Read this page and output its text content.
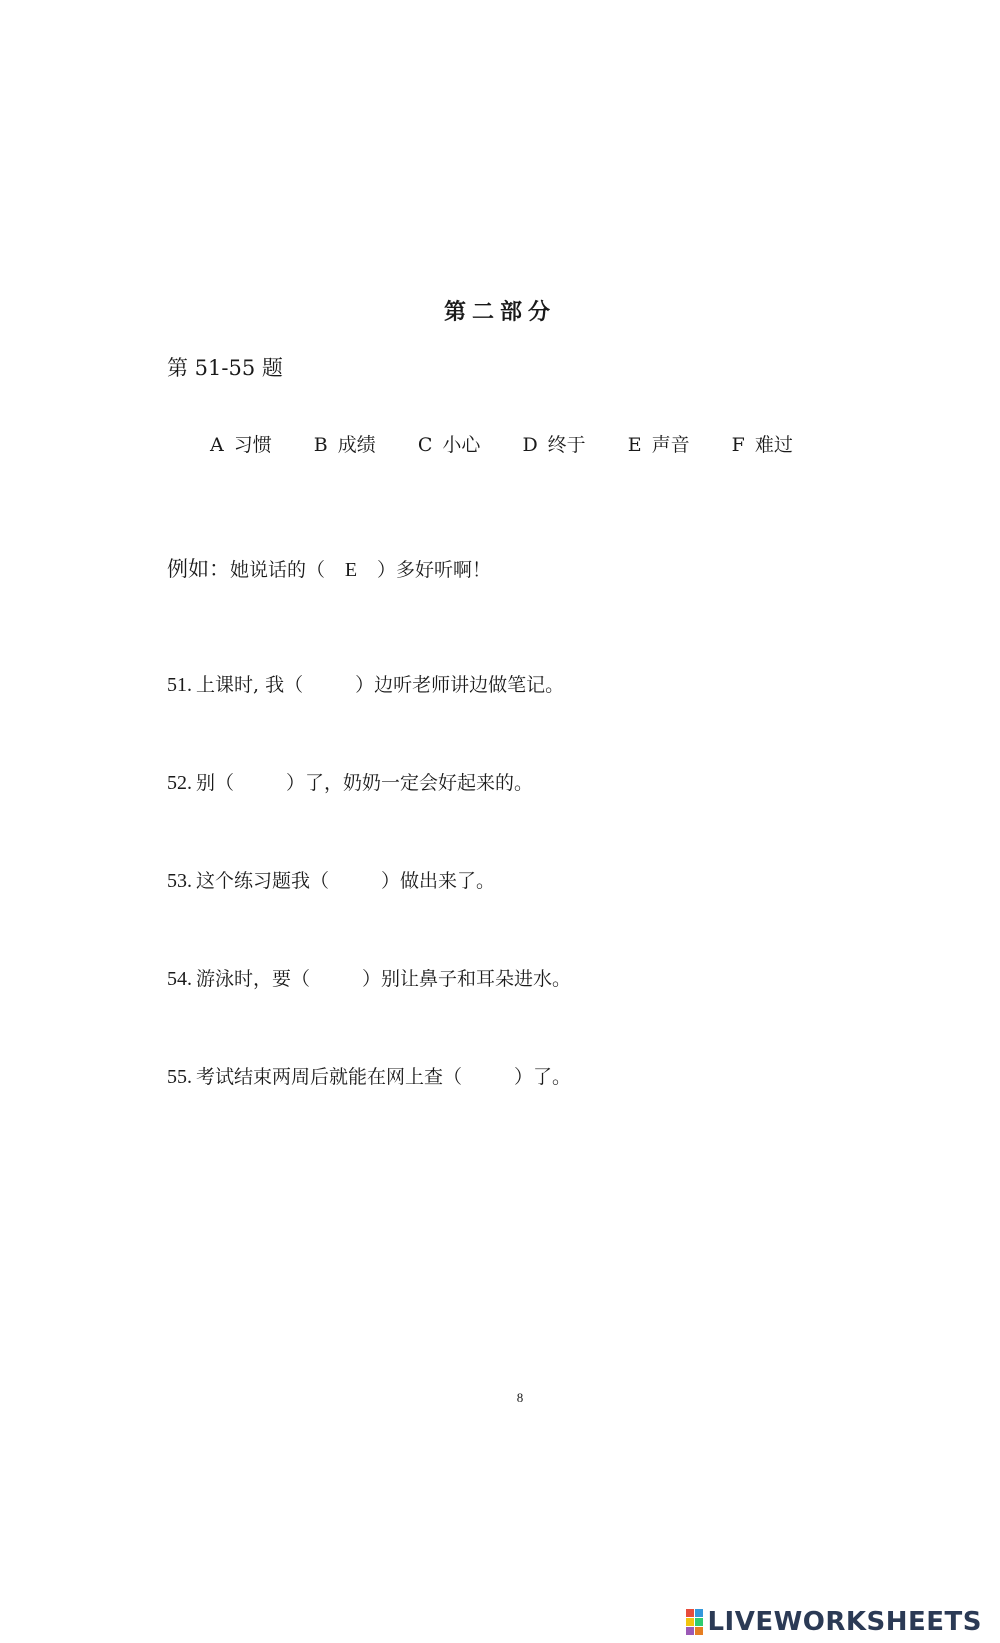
第二部分
第 51-55 题
A 习惯 B 成绩 C 小心 D 终于 E 声音 F 难过
例如：她说话的（ E ）多好听啊！
51. 上课时, 我（	）边听老师讲边做笔记。
52. 别（	）了，奶奶一定会好起来的。
53. 这个练习题我（	）做出来了。
54. 游泳时，要（	）别让鼻子和耳朵进水。
55. 考试结束两周后就能在网上查（	）了。
8
LIVEWORKSHEETS
